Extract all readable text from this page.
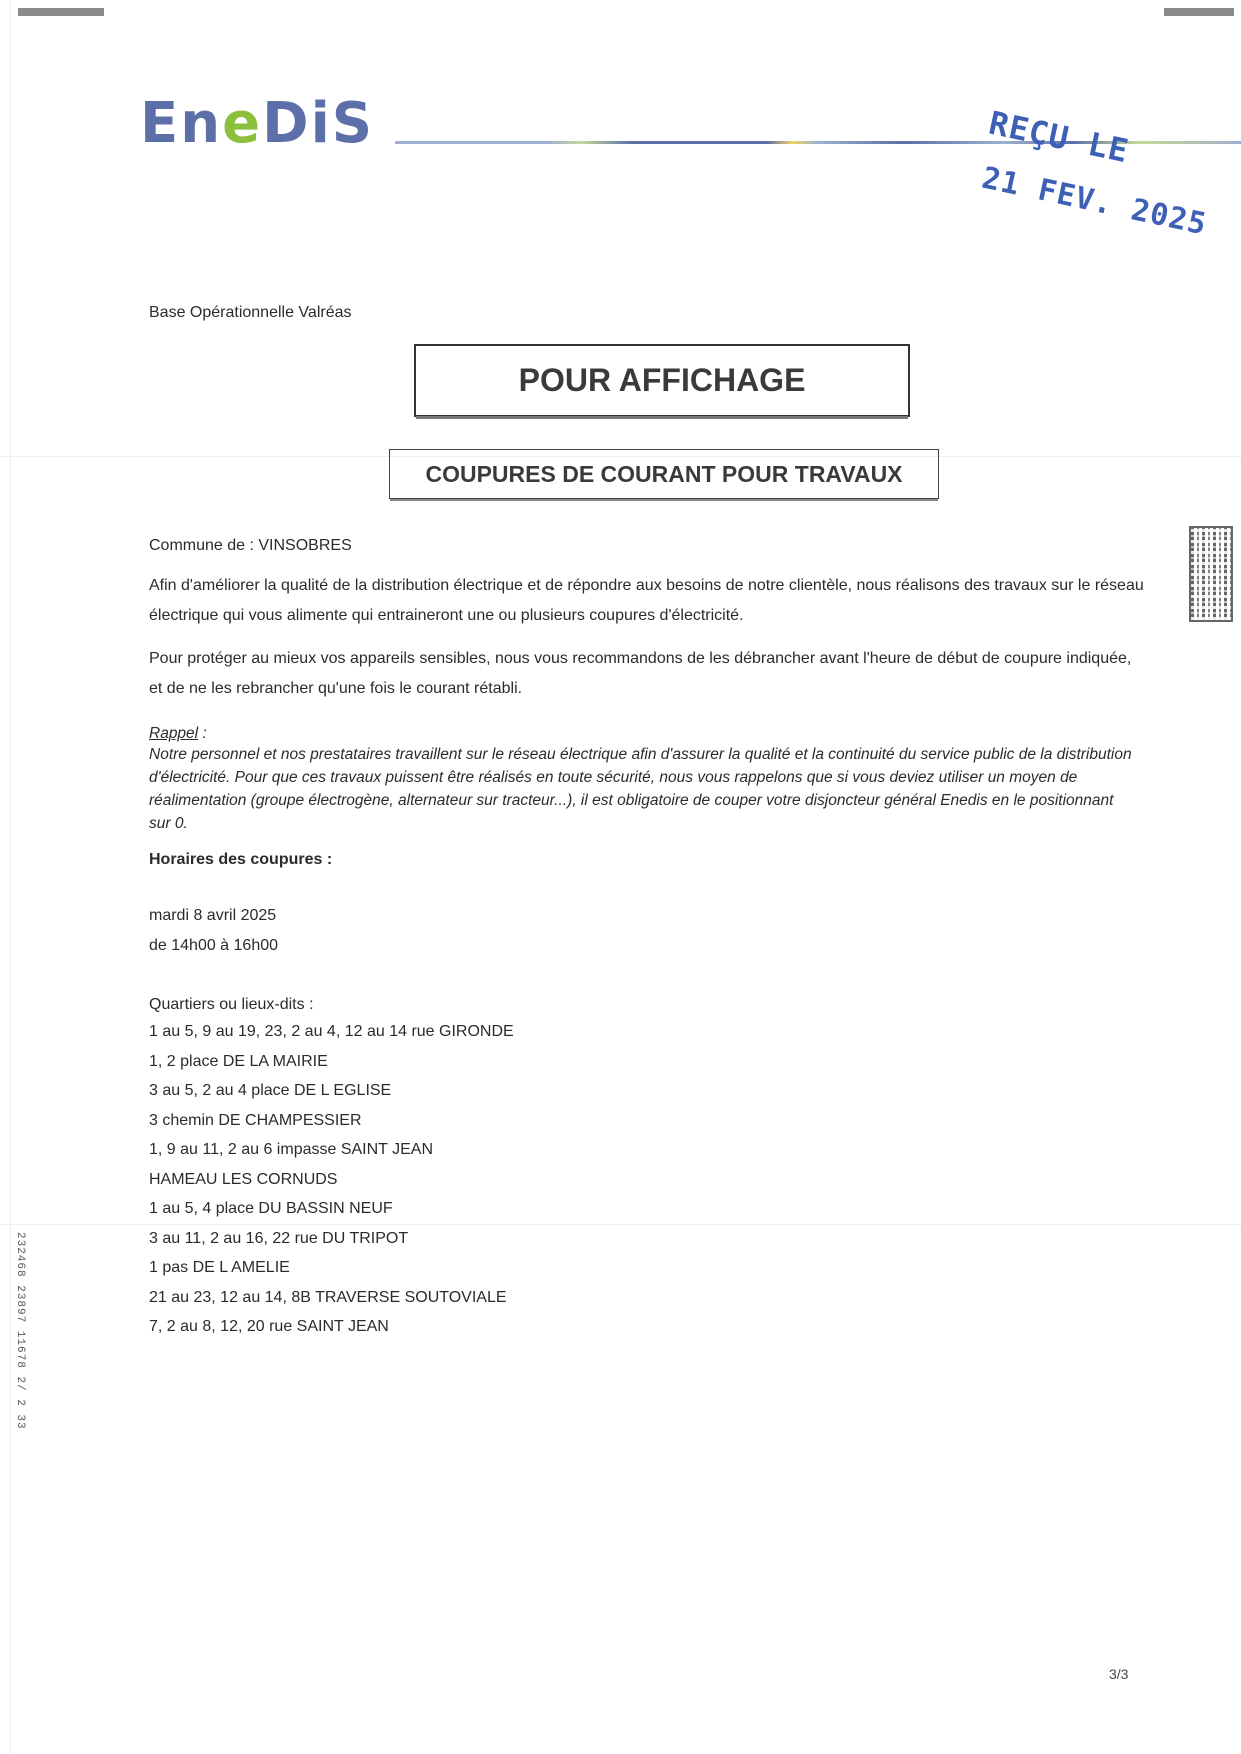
EneDiS	REÇU LE
21 FEV. 2025
232468 23897 11678 2/ 2 33
Base Opérationnelle Valréas
POUR AFFICHAGE
COUPURES DE COURANT POUR TRAVAUX
Commune de : VINSOBRES
Afin d'améliorer la qualité de la distribution électrique et de répondre aux besoins de notre clientèle, nous réalisons des travaux sur le réseau électrique qui vous alimente qui entraineront une ou plusieurs coupures d'électricité.
Pour protéger au mieux vos appareils sensibles, nous vous recommandons de les débrancher avant l'heure de début de coupure indiquée, et de ne les rebrancher qu'une fois le courant rétabli.
Rappel :
Notre personnel et nos prestataires travaillent sur le réseau électrique afin d'assurer la qualité et la continuité du service public de la distribution d'électricité. Pour que ces travaux puissent être réalisés en toute sécurité, nous vous rappelons que si vous deviez utiliser un moyen de réalimentation (groupe électrogène, alternateur sur tracteur...), il est obligatoire de couper votre disjoncteur général Enedis en le positionnant sur 0.
Horaires des coupures :
mardi 8 avril 2025
de 14h00 à 16h00
Quartiers ou lieux-dits :
1 au 5, 9 au 19, 23, 2 au 4, 12 au 14 rue GIRONDE
1, 2 place DE LA MAIRIE
3 au 5, 2 au 4 place DE L EGLISE
3 chemin DE CHAMPESSIER
1, 9 au 11, 2 au 6 impasse SAINT JEAN
HAMEAU LES CORNUDS
1 au 5, 4 place DU BASSIN NEUF
3 au 11, 2 au 16, 22 rue DU TRIPOT
1 pas DE L AMELIE
21 au 23, 12 au 14, 8B TRAVERSE SOUTOVIALE
7, 2 au 8, 12, 20 rue SAINT JEAN
3/3
